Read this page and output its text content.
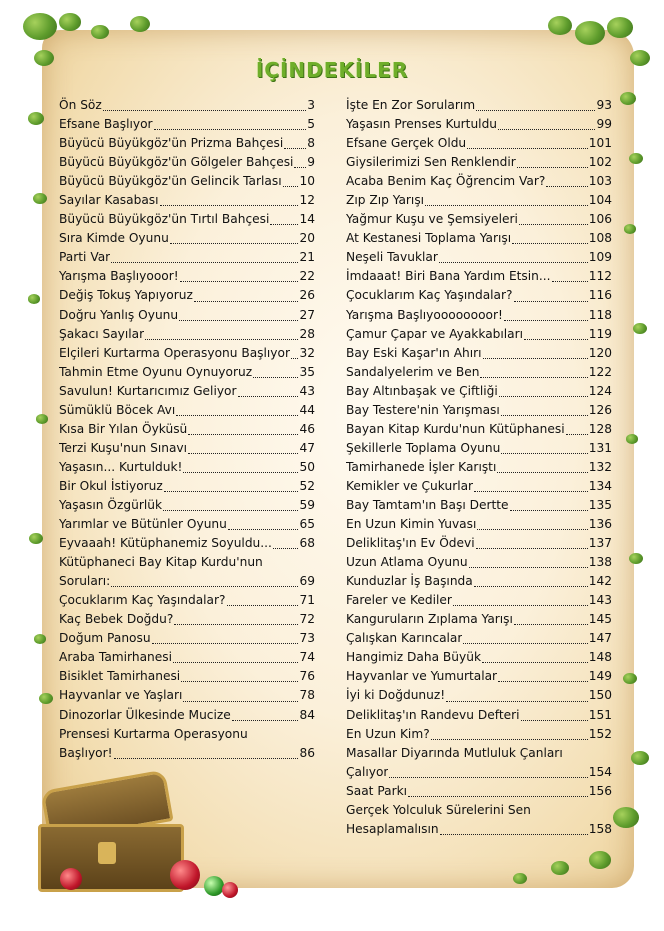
İÇİNDEKİLER
Ön Söz	3
Efsane Başlıyor	5
Büyücü Büyükgöz'ün Prizma Bahçesi 8
Büyücü Büyükgöz'ün Gölgeler Bahçesi 9
Büyücü Büyükgöz'ün Gelincik Tarlası 10
Sayılar Kasabası	12
Büyücü Büyükgöz'ün Tırtıl Bahçesi 14
Sıra Kimde Oyunu	20
Parti Var	21
Yarışma Başlıyooor!	22
Değiş Tokuş Yapıyoruz	26
Doğru Yanlış Oyunu	27
Şakacı Sayılar	28
Elçileri Kurtarma Operasyonu Başlıyor 32
Tahmin Etme Oyunu Oynuyoruz	35
Savulun! Kurtarıcımız Geliyor	43
Sümüklü Böcek Avı	44
Kısa Bir Yılan Öyküsü	46
Terzi Kuşu'nun Sınavı	47
Yaşasın... Kurtulduk!	50
Bir Okul İstiyoruz	52
Yaşasın Özgürlük	59
Yarımlar ve Bütünler Oyunu	65
Eyvaaah! Kütüphanemiz Soyuldu... 68
Kütüphaneci Bay Kitap Kurdu'nun
Soruları:	69
Çocuklarım Kaç Yaşındalar?	71
Kaç Bebek Doğdu?	72
Doğum Panosu	73
Araba Tamirhanesi	74
Bisiklet Tamirhanesi	76
Hayvanlar ve Yaşları	78
Dinozorlar Ülkesinde Mucize	84
Prensesi Kurtarma Operasyonu
Başlıyor!	86
İşte En Zor Sorularım	93
Yaşasın Prenses Kurtuldu	99
Efsane Gerçek Oldu	101
Giysilerimizi Sen Renklendir	102
Acaba Benim Kaç Öğrencim Var?	103
Zıp Zıp Yarışı	104
Yağmur Kuşu ve Şemsiyeleri	106
At Kestanesi Toplama Yarışı	108
Neşeli Tavuklar	109
İmdaaat! Biri Bana Yardım Etsin...	112
Çocuklarım Kaç Yaşındalar?	116
Yarışma Başlıyoooooooor!	118
Çamur Çapar ve Ayakkabıları	119
Bay Eski Kaşar'ın Ahırı	120
Sandalyelerim ve Ben	122
Bay Altınbaşak ve Çiftliği	124
Bay Testere'nin Yarışması	126
Bayan Kitap Kurdu'nun Kütüphanesi 128
Şekillerle Toplama Oyunu	131
Tamirhanede İşler Karıştı	132
Kemikler ve Çukurlar	134
Bay Tamtam'ın Başı Dertte	135
En Uzun Kimin Yuvası	136
Deliklitaş'ın Ev Ödevi	137
Uzun Atlama Oyunu	138
Kunduzlar İş Başında	142
Fareler ve Kediler	143
Kanguruların Zıplama Yarışı	145
Çalışkan Karıncalar	147
Hangimiz Daha Büyük	148
Hayvanlar ve Yumurtalar	149
İyi ki Doğdunuz!	150
Deliklitaş'ın Randevu Defteri	151
En Uzun Kim?	152
Masallar Diyarında Mutluluk Çanları
Çalıyor	154
Saat Parkı	156
Gerçek Yolculuk Sürelerini Sen
Hesaplamalısın	158
